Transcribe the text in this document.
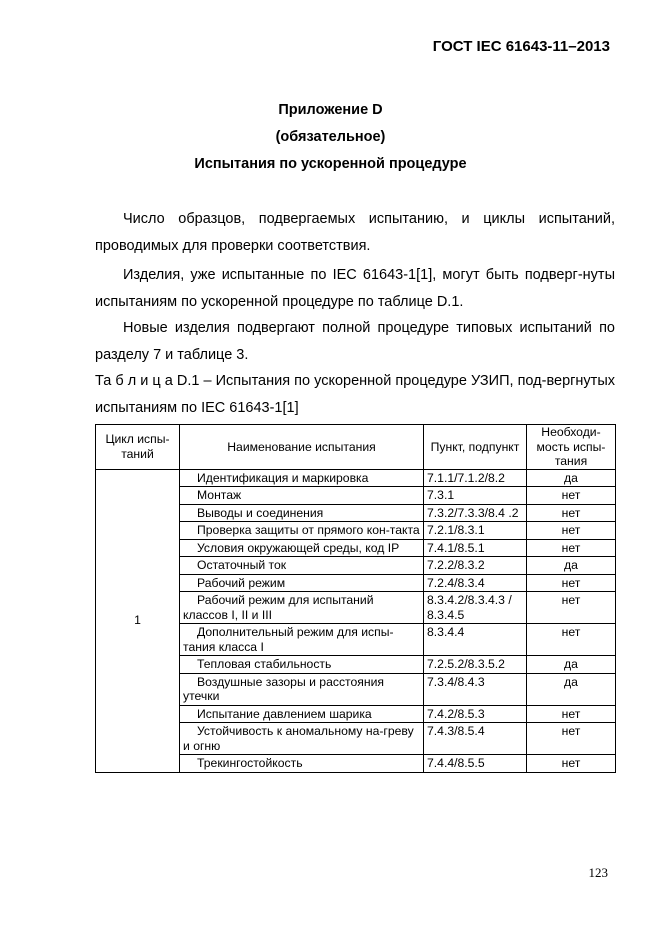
ГОСТ IEC 61643-11–2013
Приложение D
(обязательное)
Испытания по ускоренной процедуре
Число образцов, подвергаемых испытанию, и циклы испытаний, проводимых для проверки соответствия.
Изделия, уже испытанные по IEC 61643-1[1], могут быть подверг-нуты испытаниям по ускоренной процедуре по таблице D.1.
Новые изделия подвергают полной процедуре типовых испытаний по разделу 7 и таблице 3.
Та б л и ц а D.1 – Испытания по ускоренной процедуре УЗИП, под-вергнутых испытаниям по IEC 61643-1[1]
Цикл испы-таний	Наименование испытания	Пункт, подпункт	Необходи-мость испы-тания
1	Идентификация и маркировка	7.1.1/7.1.2/8.2	да

	Монтаж	7.3.1	нет

	Выводы и соединения	7.3.2/7.3.3/8.4 .2	нет

	Проверка защиты от прямого кон-такта	7.2.1/8.3.1	нет

	Условия окружающей среды, код IP	7.4.1/8.5.1	нет

	Остаточный ток	7.2.2/8.3.2	да

	Рабочий режим	7.2.4/8.3.4	нет

	Рабочий режим для испытаний классов I, II и III	8.3.4.2/8.3.4.3 / 8.3.4.5	нет

	Дополнительный режим для испы-тания класса I	8.3.4.4	нет

	Тепловая стабильность	7.2.5.2/8.3.5.2	да

	Воздушные зазоры и расстояния утечки	7.3.4/8.4.3	да

	Испытание давлением шарика	7.4.2/8.5.3	нет

	Устойчивость к аномальному на-греву и огню	7.4.3/8.5.4	нет

	Трекингостойкость	7.4.4/8.5.5	нет
123
